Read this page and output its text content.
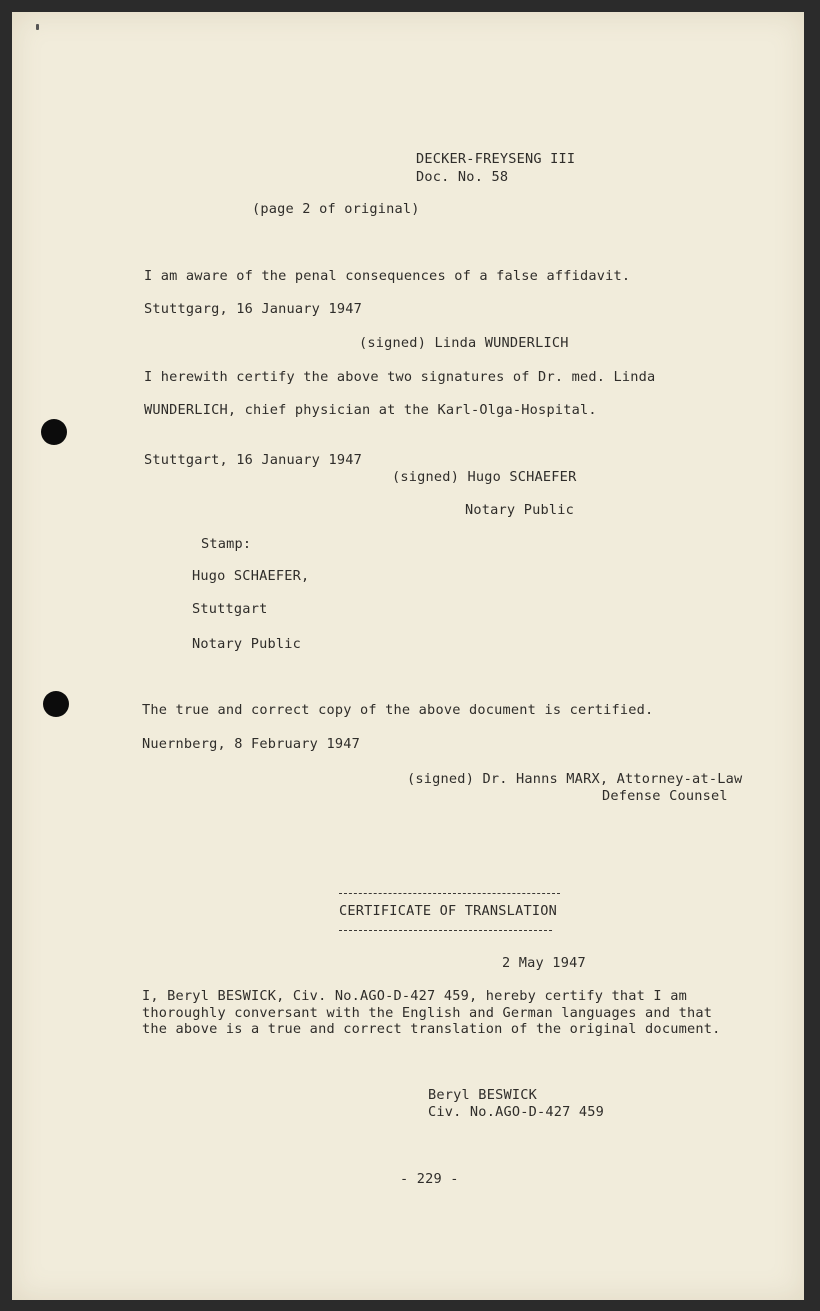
DECKER-FREYSENG III
Doc. No. 58
(page 2 of original)
I am aware of the penal consequences of a false affidavit.
Stuttgarg, 16 January 1947
(signed) Linda WUNDERLICH
I herewith certify the above two signatures of Dr. med. Linda
WUNDERLICH, chief physician at the Karl-Olga-Hospital.
Stuttgart, 16 January 1947
(signed) Hugo SCHAEFER
Notary Public
Stamp:
Hugo SCHAEFER,
Stuttgart
Notary Public
The true and correct copy of the above document is certified.
Nuernberg, 8 February 1947
(signed) Dr. Hanns MARX, Attorney-at-Law
Defense Counsel
CERTIFICATE OF TRANSLATION
2 May 1947
I, Beryl BESWICK, Civ. No.AGO-D-427 459, hereby certify that I am
thoroughly conversant with the English and German languages and that
the above is a true and correct translation of the original document.
Beryl BESWICK
Civ. No.AGO-D-427 459
- 229 -
